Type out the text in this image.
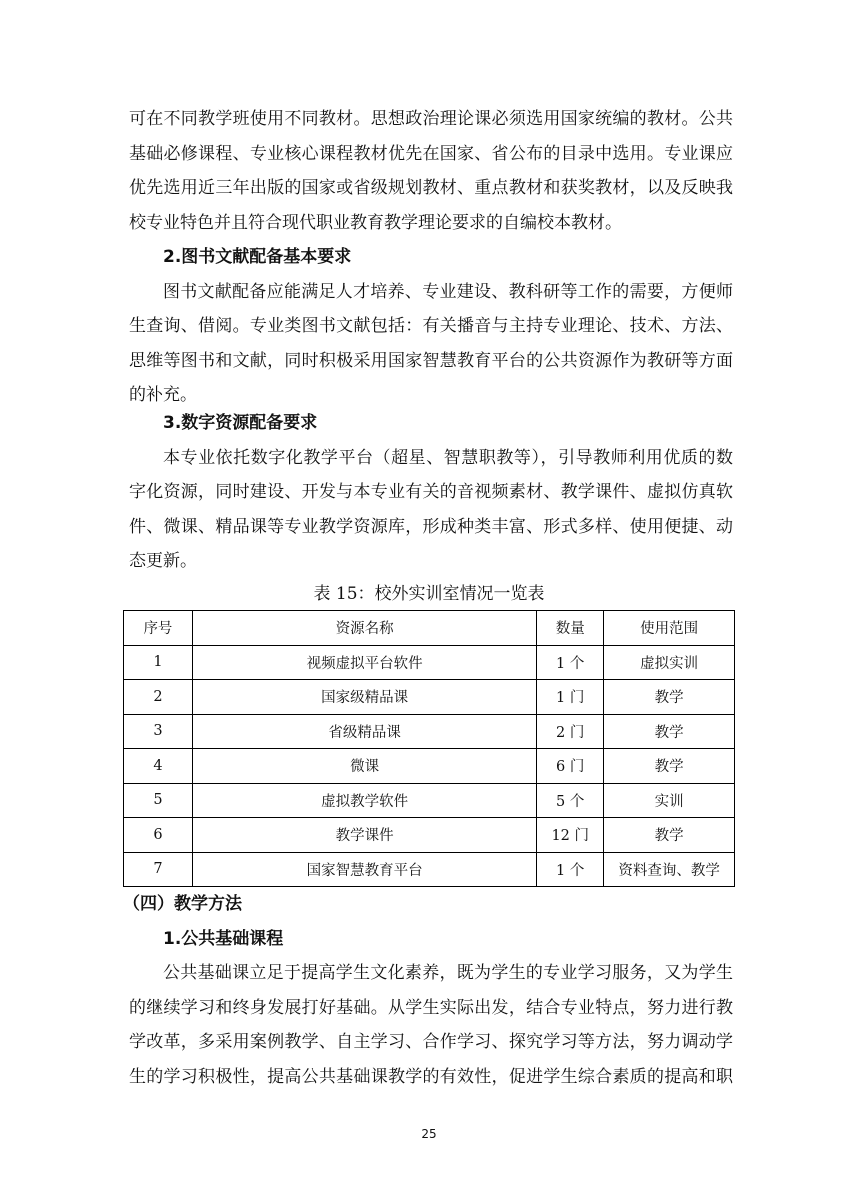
可在不同教学班使用不同教材。思想政治理论课必须选用国家统编的教材。公共
基础必修课程、专业核心课程教材优先在国家、省公布的目录中选用。专业课应
优先选用近三年出版的国家或省级规划教材、重点教材和获奖教材，以及反映我
校专业特色并且符合现代职业教育教学理论要求的自编校本教材。
2.图书文献配备基本要求
图书文献配备应能满足人才培养、专业建设、教科研等工作的需要，方便师
生查询、借阅。专业类图书文献包括：有关播音与主持专业理论、技术、方法、
思维等图书和文献，同时积极采用国家智慧教育平台的公共资源作为教研等方面
的补充。
3.数字资源配备要求
本专业依托数字化教学平台（超星、智慧职教等），引导教师利用优质的数
字化资源，同时建设、开发与本专业有关的音视频素材、教学课件、虚拟仿真软
件、微课、精品课等专业教学资源库，形成种类丰富、形式多样、使用便捷、动
态更新。
表 15：校外实训室情况一览表
序号	资源名称	数量	使用范围
1	视频虚拟平台软件	1 个	虚拟实训
2	国家级精品课	1 门	教学
3	省级精品课	2 门	教学
4	微课	6 门	教学
5	虚拟教学软件	5 个	实训
6	教学课件	12 门	教学
7	国家智慧教育平台	1 个	资料查询、教学
（四）教学方法
1.公共基础课程
公共基础课立足于提高学生文化素养，既为学生的专业学习服务，又为学生
的继续学习和终身发展打好基础。从学生实际出发，结合专业特点，努力进行教
学改革，多采用案例教学、自主学习、合作学习、探究学习等方法，努力调动学
生的学习积极性，提高公共基础课教学的有效性，促进学生综合素质的提高和职
25
